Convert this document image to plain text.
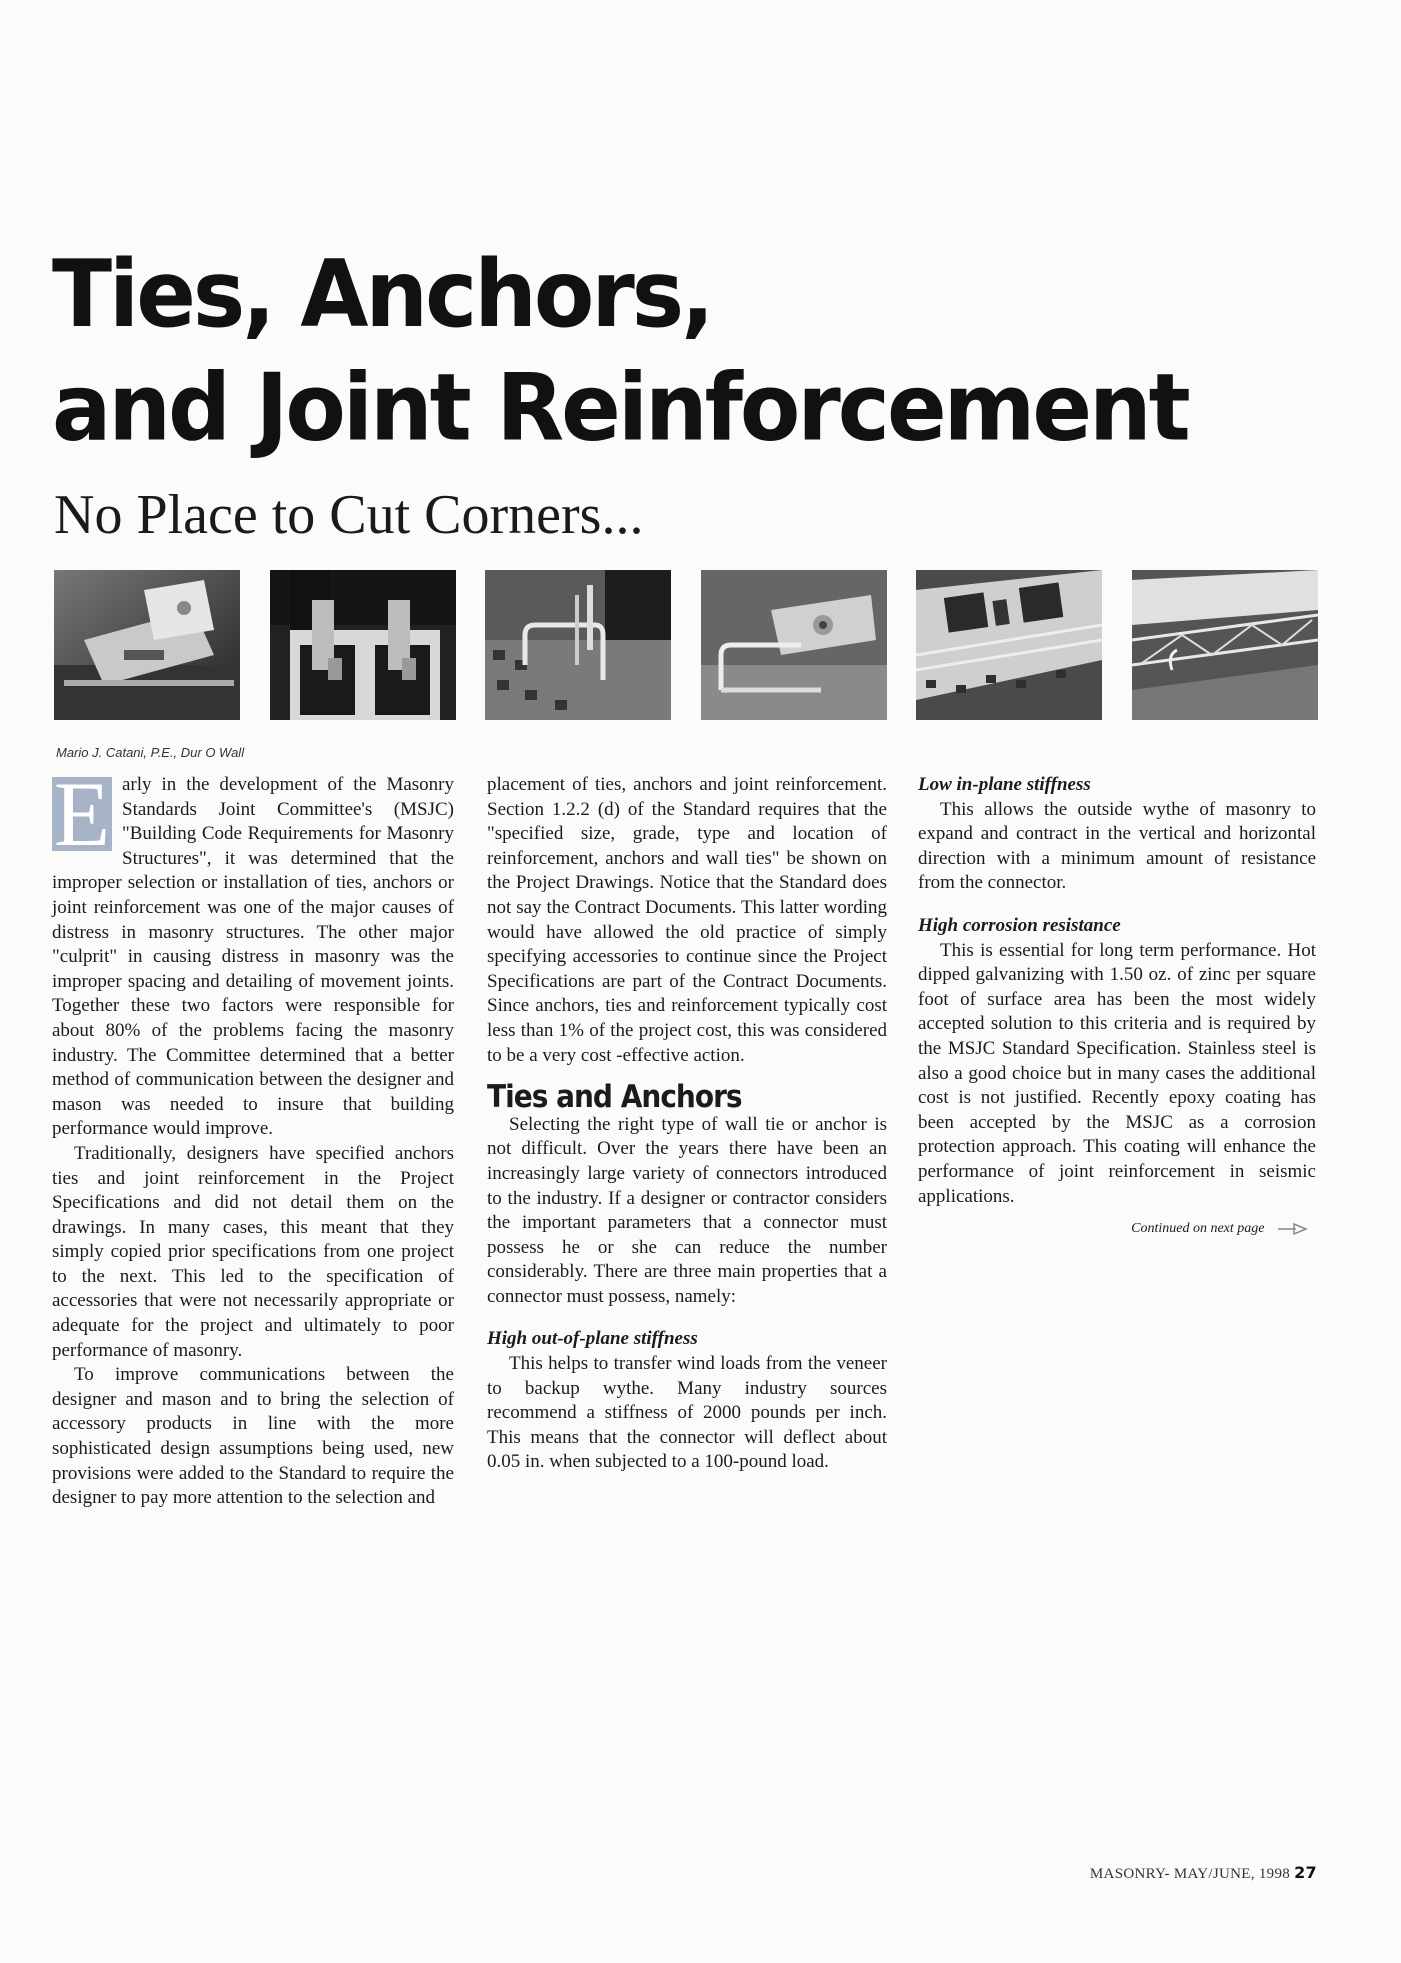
Ties, Anchors,
and Joint Reinforcement
No Place to Cut Corners...
Mario J. Catani, P.E., Dur O Wall

E arly in the development of the Masonry Standards Joint Committee's (MSJC) "Building Code Requirements for Masonry Structures", it was determined that the improper selection or installation of ties, anchors or joint reinforcement was one of the major causes of distress in masonry structures. The other major "culprit" in causing distress in masonry was the improper spacing and detailing of movement joints. Together these two factors were responsible for about 80% of the problems facing the masonry industry. The Committee determined that a better method of communication between the designer and mason was needed to insure that building performance would improve.

Traditionally, designers have specified anchors ties and joint reinforcement in the Project Specifications and did not detail them on the drawings. In many cases, this meant that they simply copied prior specifications from one project to the next. This led to the specification of accessories that were not necessarily appropriate or adequate for the project and ultimately to poor performance of masonry.

To improve communications between the designer and mason and to bring the selection of accessory products in line with the more sophisticated design assumptions being used, new provisions were added to the Standard to require the designer to pay more attention to the selection and

placement of ties, anchors and joint reinforcement. Section 1.2.2 (d) of the Standard requires that the "specified size, grade, type and location of reinforcement, anchors and wall ties" be shown on the Project Drawings. Notice that the Standard does not say the Contract Documents. This latter wording would have allowed the old practice of simply specifying accessories to continue since the Project Specifications are part of the Contract Documents. Since anchors, ties and reinforcement typically cost less than 1% of the project cost, this was considered to be a very cost -effective action.

Ties and Anchors

Selecting the right type of wall tie or anchor is not difficult. Over the years there have been an increasingly large variety of connectors introduced to the industry. If a designer or contractor considers the important parameters that a connector must possess he or she can reduce the number considerably. There are three main properties that a connector must possess, namely:

High out-of-plane stiffness

This helps to transfer wind loads from the veneer to backup wythe. Many industry sources recommend a stiffness of 2000 pounds per inch. This means that the connector will deflect about 0.05 in. when subjected to a 100-pound load.

Low in-plane stiffness

This allows the outside wythe of masonry to expand and contract in the vertical and horizontal direction with a minimum amount of resistance from the connector.

High corrosion resistance

This is essential for long term performance. Hot dipped galvanizing with 1.50 oz. of zinc per square foot of surface area has been the most widely accepted solution to this criteria and is required by the MSJC Standard Specification. Stainless steel is also a good choice but in many cases the additional cost is not justified. Recently epoxy coating has been accepted by the MSJC as a corrosion protection approach. This coating will enhance the performance of joint reinforcement in seismic applications.

Continued on next page
MASONRY- MAY/JUNE, 1998 27
